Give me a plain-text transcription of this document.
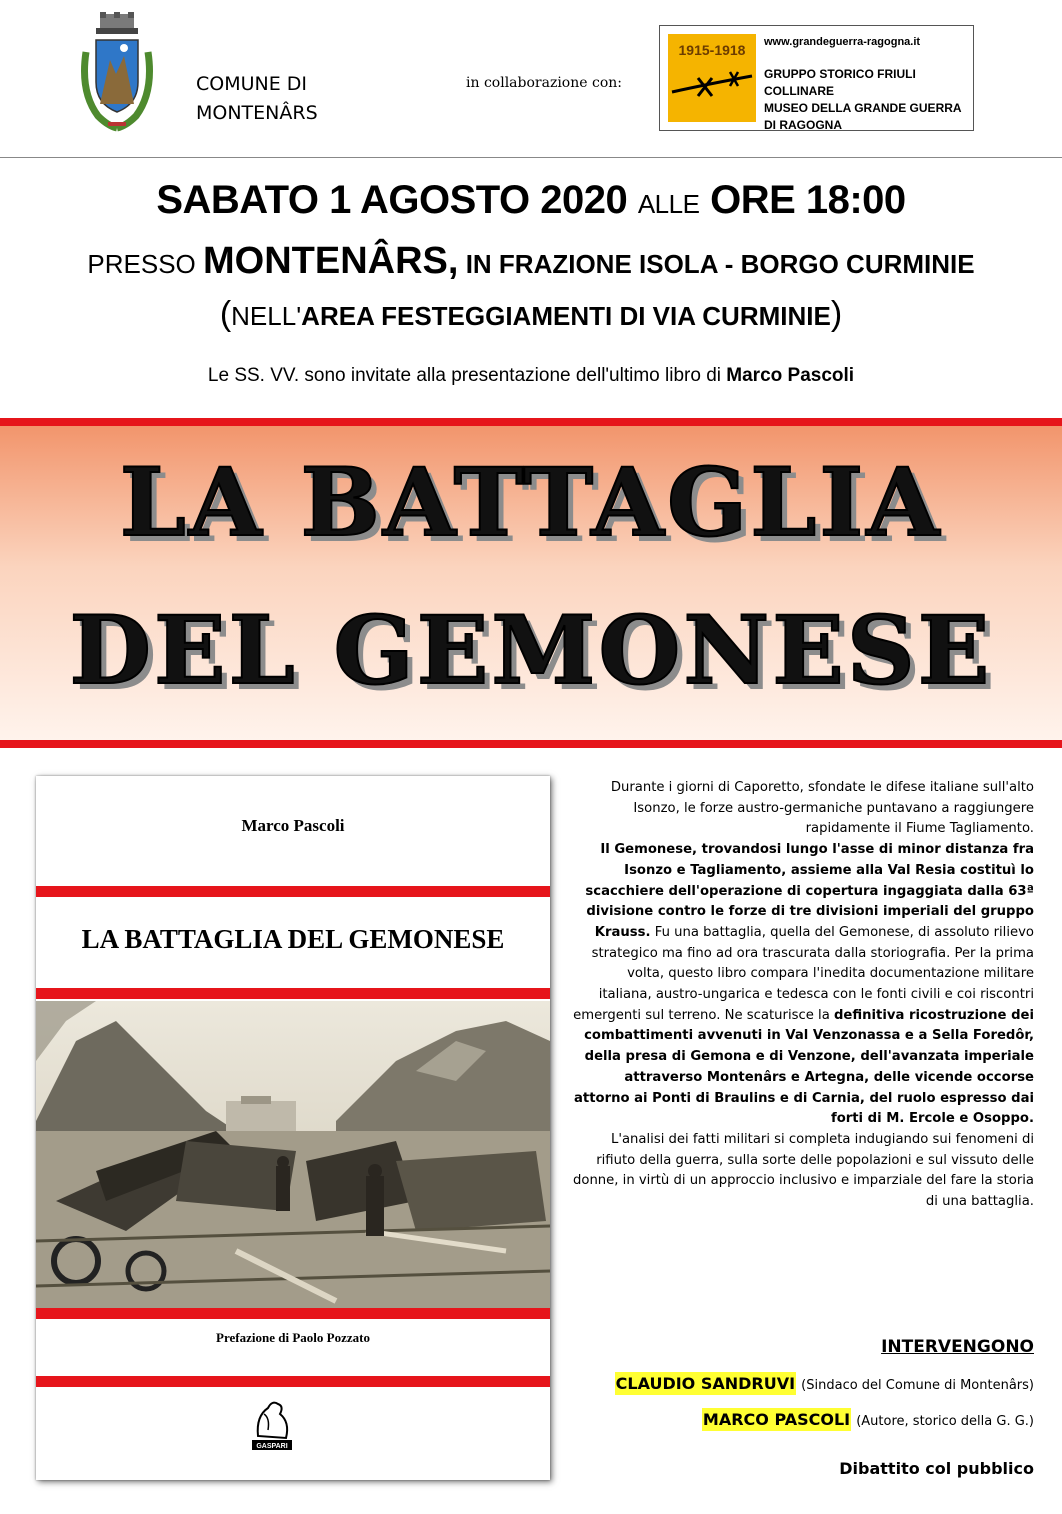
COMUNE DI
MONTENÂRS
in collaborazione con:
1915-1918	www.grandeguerra-ragogna.it
GRUPPO STORICO FRIULI COLLINARE
MUSEO DELLA GRANDE GUERRA
DI RAGOGNA
SABATO 1 AGOSTO 2020 ALLE ORE 18:00
PRESSO MONTENÂRS, IN FRAZIONE ISOLA - BORGO CURMINIE
(NELL'AREA FESTEGGIAMENTI DI VIA CURMINIE)
Le SS. VV. sono invitate alla presentazione dell'ultimo libro di Marco Pascoli
LA BATTAGLIA
DEL GEMONESE
Marco Pascoli
LA BATTAGLIA DEL GEMONESE
Prefazione di Paolo Pozzato
GASPARI

Durante i giorni di Caporetto, sfondate le difese italiane sull'alto Isonzo, le forze austro-germaniche puntavano a raggiungere rapidamente il Fiume Tagliamento.

Il Gemonese, trovandosi lungo l'asse di minor distanza fra Isonzo e Tagliamento, assieme alla Val Resia costituì lo scacchiere dell'operazione di copertura ingaggiata dalla 63ª divisione contro le forze di tre divisioni imperiali del gruppo Krauss. Fu una battaglia, quella del Gemonese, di assoluto rilievo strategico ma fino ad ora trascurata dalla storiografia. Per la prima volta, questo libro compara l'inedita documentazione militare italiana, austro-ungarica e tedesca con le fonti civili e coi riscontri emergenti sul terreno. Ne scaturisce la definitiva ricostruzione dei combattimenti avvenuti in Val Venzonassa e a Sella Foredôr, della presa di Gemona e di Venzone, dell'avanzata imperiale attraverso Montenârs e Artegna, delle vicende occorse attorno ai Ponti di Braulins e di Carnia, del ruolo espresso dai forti di M. Ercole e Osoppo.

L'analisi dei fatti militari si completa indugiando sui fenomeni di rifiuto della guerra, sulla sorte delle popolazioni e sul vissuto delle donne, in virtù di un approccio inclusivo e imparziale del fare la storia di una battaglia.

INTERVENGONO
CLAUDIO SANDRUVI (Sindaco del Comune di Montenârs)
MARCO PASCOLI (Autore, storico della G. G.)
Dibattito col pubblico
